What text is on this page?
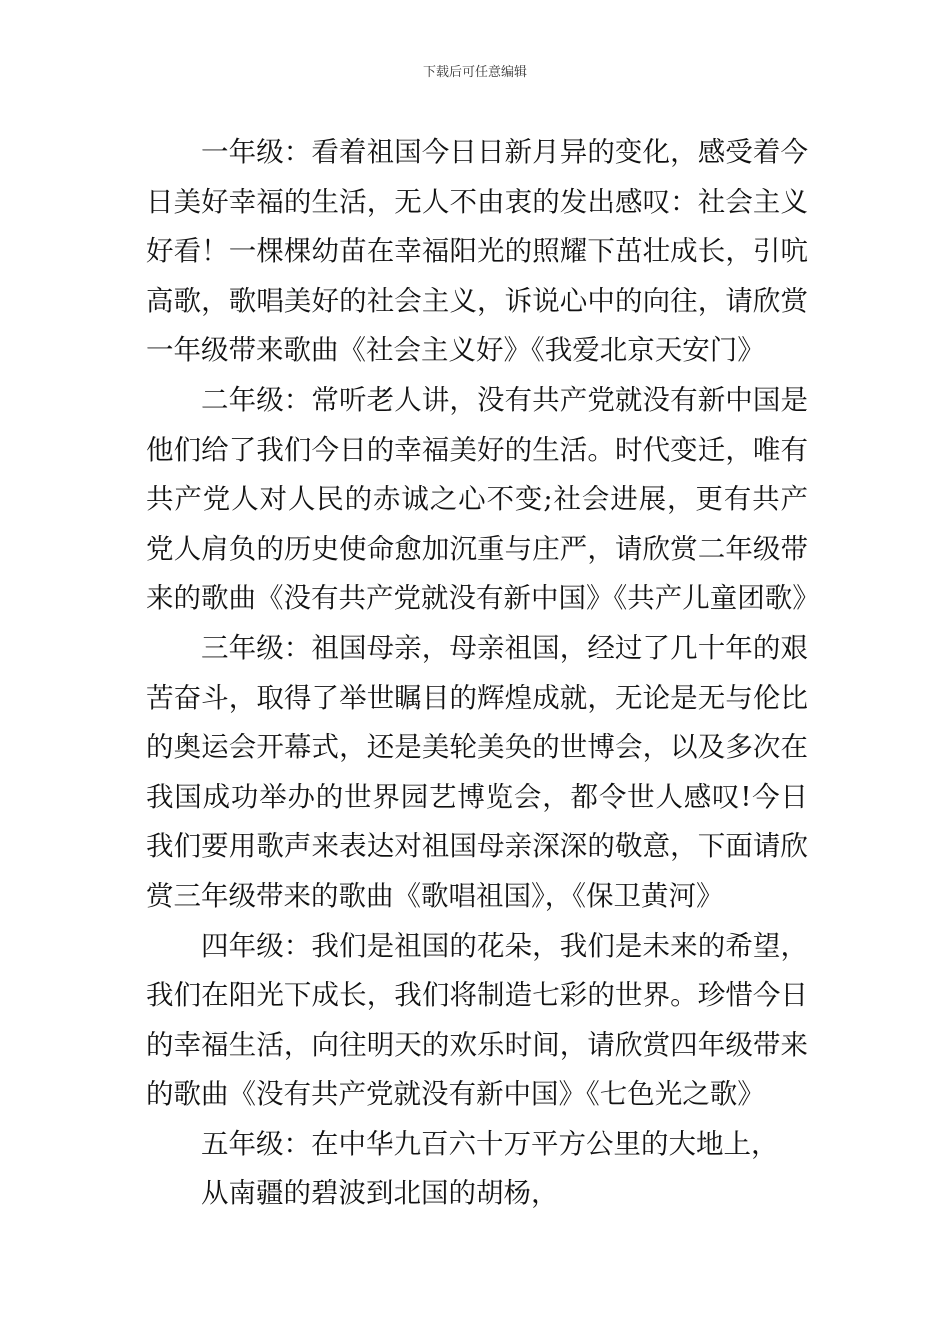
下载后可任意编辑

一年级：看着祖国今日日新月异的变化，感受着今日美好幸福的生活，无人不由衷的发出感叹：社会主义好看！一棵棵幼苗在幸福阳光的照耀下茁壮成长，引吭高歌，歌唱美好的社会主义，诉说心中的向往，请欣赏一年级带来歌曲《社会主义好》《我爱北京天安门》

二年级：常听老人讲，没有共产党就没有新中国是他们给了我们今日的幸福美好的生活。时代变迁，唯有共产党人对人民的赤诚之心不变;社会进展，更有共产党人肩负的历史使命愈加沉重与庄严，请欣赏二年级带来的歌曲《没有共产党就没有新中国》《共产儿童团歌》

三年级：祖国母亲，母亲祖国，经过了几十年的艰苦奋斗，取得了举世瞩目的辉煌成就，无论是无与伦比的奥运会开幕式，还是美轮美奂的世博会，以及多次在我国成功举办的世界园艺博览会，都令世人感叹!今日我们要用歌声来表达对祖国母亲深深的敬意，下面请欣赏三年级带来的歌曲《歌唱祖国》，《保卫黄河》

四年级：我们是祖国的花朵，我们是未来的希望，我们在阳光下成长，我们将制造七彩的世界。珍惜今日的幸福生活，向往明天的欢乐时间，请欣赏四年级带来的歌曲《没有共产党就没有新中国》《七色光之歌》

五年级：在中华九百六十万平方公里的大地上，

从南疆的碧波到北国的胡杨，
